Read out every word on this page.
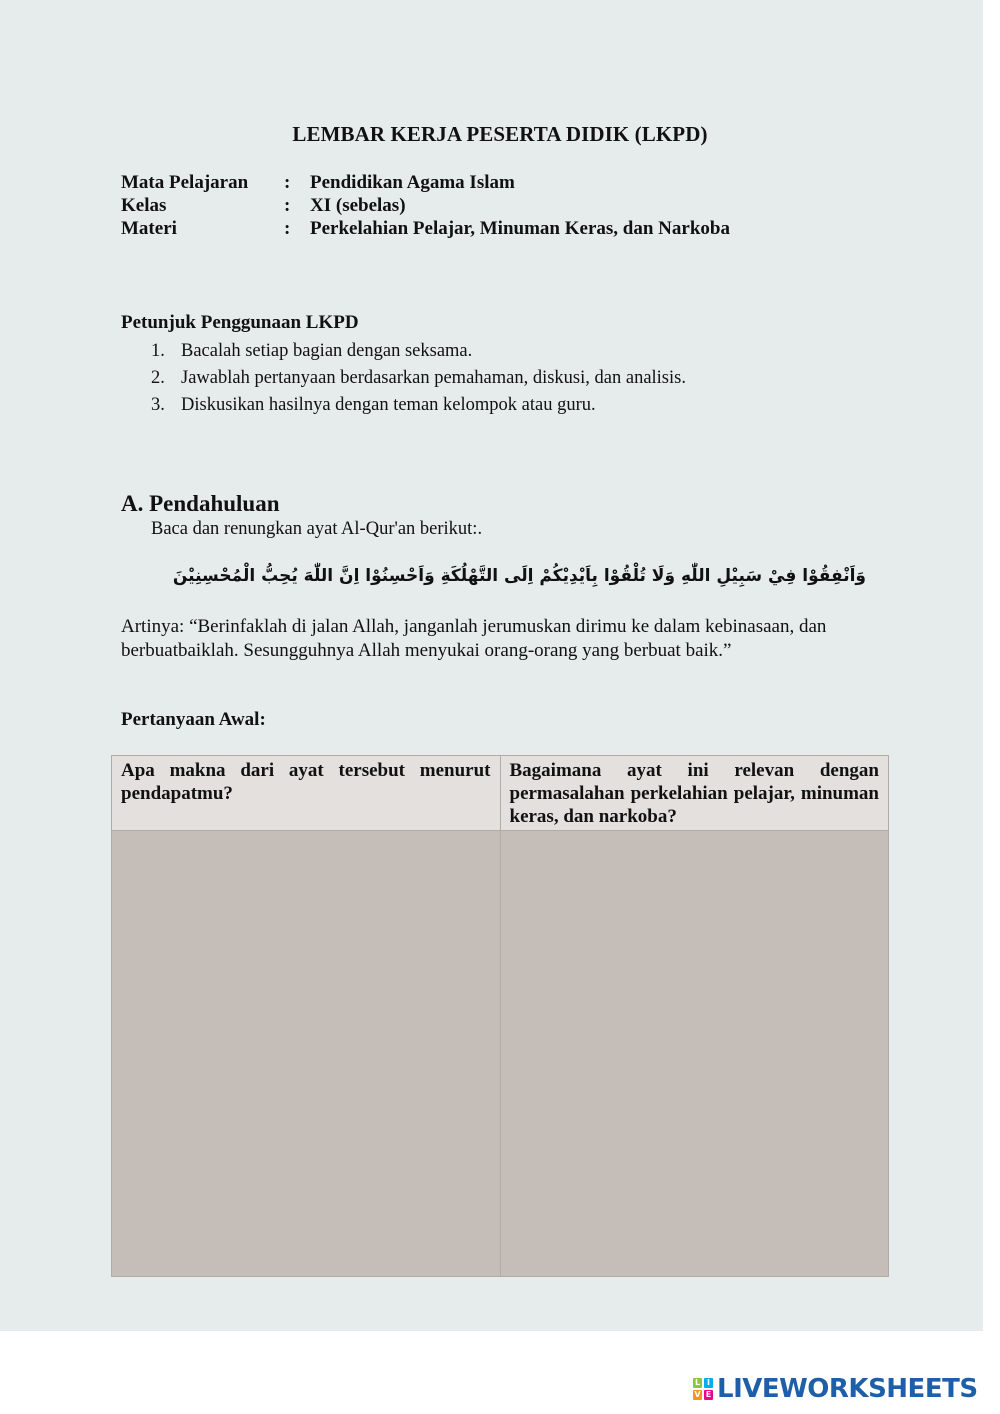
LEMBAR KERJA PESERTA DIDIK (LKPD)
Mata Pelajaran	:	Pendidikan Agama Islam
Kelas	:	XI (sebelas)
Materi	:	Perkelahian Pelajar, Minuman Keras, dan Narkoba
Petunjuk Penggunaan LKPD
1. Bacalah setiap bagian dengan seksama.
2. Jawablah pertanyaan berdasarkan pemahaman, diskusi, dan analisis.
3. Diskusikan hasilnya dengan teman kelompok atau guru.
A. Pendahuluan
Baca dan renungkan ayat Al-Qur'an berikut:.
وَاَنْفِقُوْا فِيْ سَبِيْلِ اللّٰهِ وَلَا تُلْقُوْا بِاَيْدِيْكُمْ اِلَى التَّهْلُكَةِ وَاَحْسِنُوْا اِنَّ اللّٰهَ يُحِبُّ الْمُحْسِنِيْنَ
Artinya: “Berinfaklah di jalan Allah, janganlah jerumuskan dirimu ke dalam kebinasaan, dan berbuatbaiklah. Sesungguhnya Allah menyukai orang-orang yang berbuat baik.”
Pertanyaan Awal:
Apa makna dari ayat tersebut menurut pendapatmu?	Bagaimana ayat ini relevan dengan permasalahan perkelahian pelajar, minuman keras, dan narkoba?

L I
V E LIVEWORKSHEETS
